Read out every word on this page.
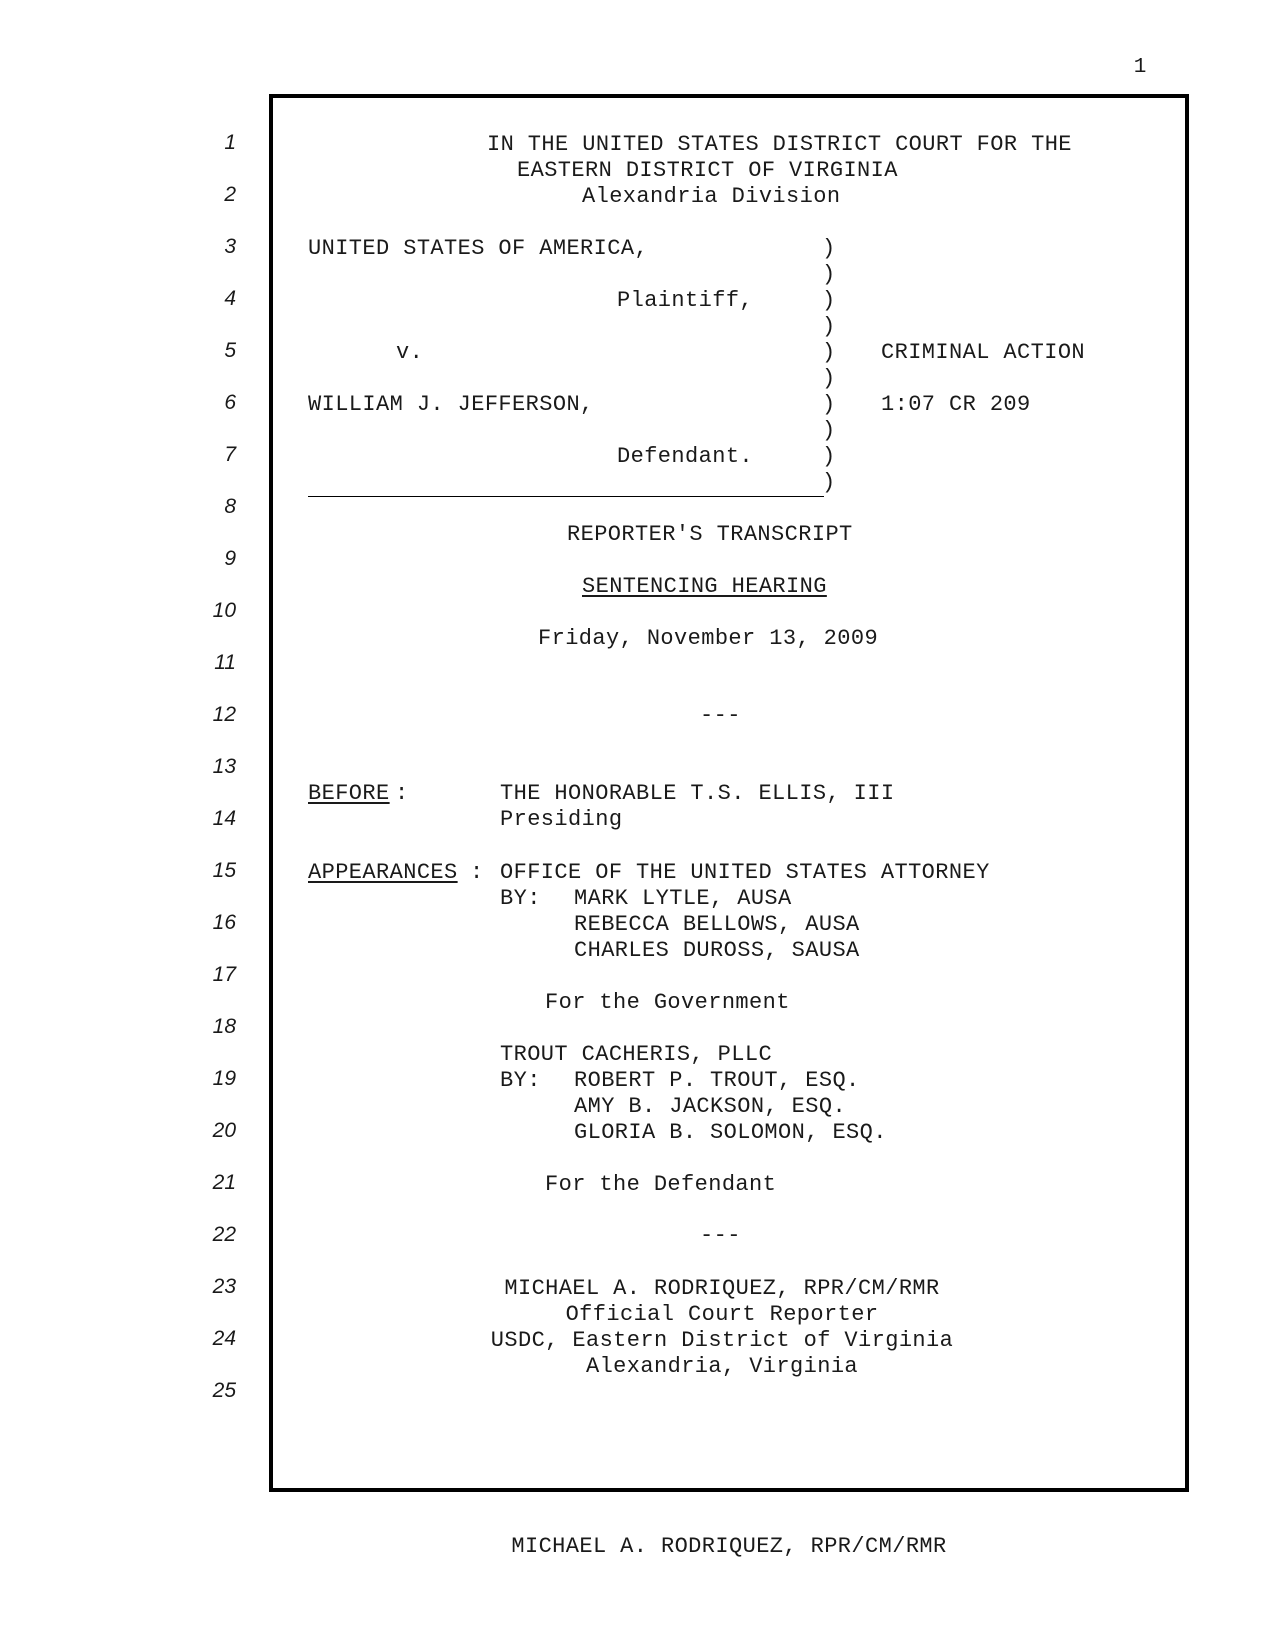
1
1
2
3
4
5
6
7
8
9
10
11
12
13
14
15
16
17
18
19
20
21
22
23
24
25
IN THE UNITED STATES DISTRICT COURT FOR THE
EASTERN DISTRICT OF VIRGINIA
Alexandria Division
UNITED STATES OF AMERICA,
Plaintiff,
v.
WILLIAM J. JEFFERSON,
Defendant.
)
)
)
)
)
)
)
)
)
)
CRIMINAL ACTION
1:07 CR 209
REPORTER'S TRANSCRIPT
SENTENCING HEARING
Friday, November 13, 2009
---
BEFORE :	THE HONORABLE T.S. ELLIS, III
Presiding
APPEARANCES : OFFICE OF THE UNITED STATES ATTORNEY
BY: MARK LYTLE, AUSA
REBECCA BELLOWS, AUSA
CHARLES DUROSS, SAUSA
For the Government
TROUT CACHERIS, PLLC
BY: ROBERT P. TROUT, ESQ.
AMY B. JACKSON, ESQ.
GLORIA B. SOLOMON, ESQ.
For the Defendant
---
MICHAEL A. RODRIQUEZ, RPR/CM/RMR
Official Court Reporter
USDC, Eastern District of Virginia
Alexandria, Virginia
MICHAEL A. RODRIQUEZ, RPR/CM/RMR
